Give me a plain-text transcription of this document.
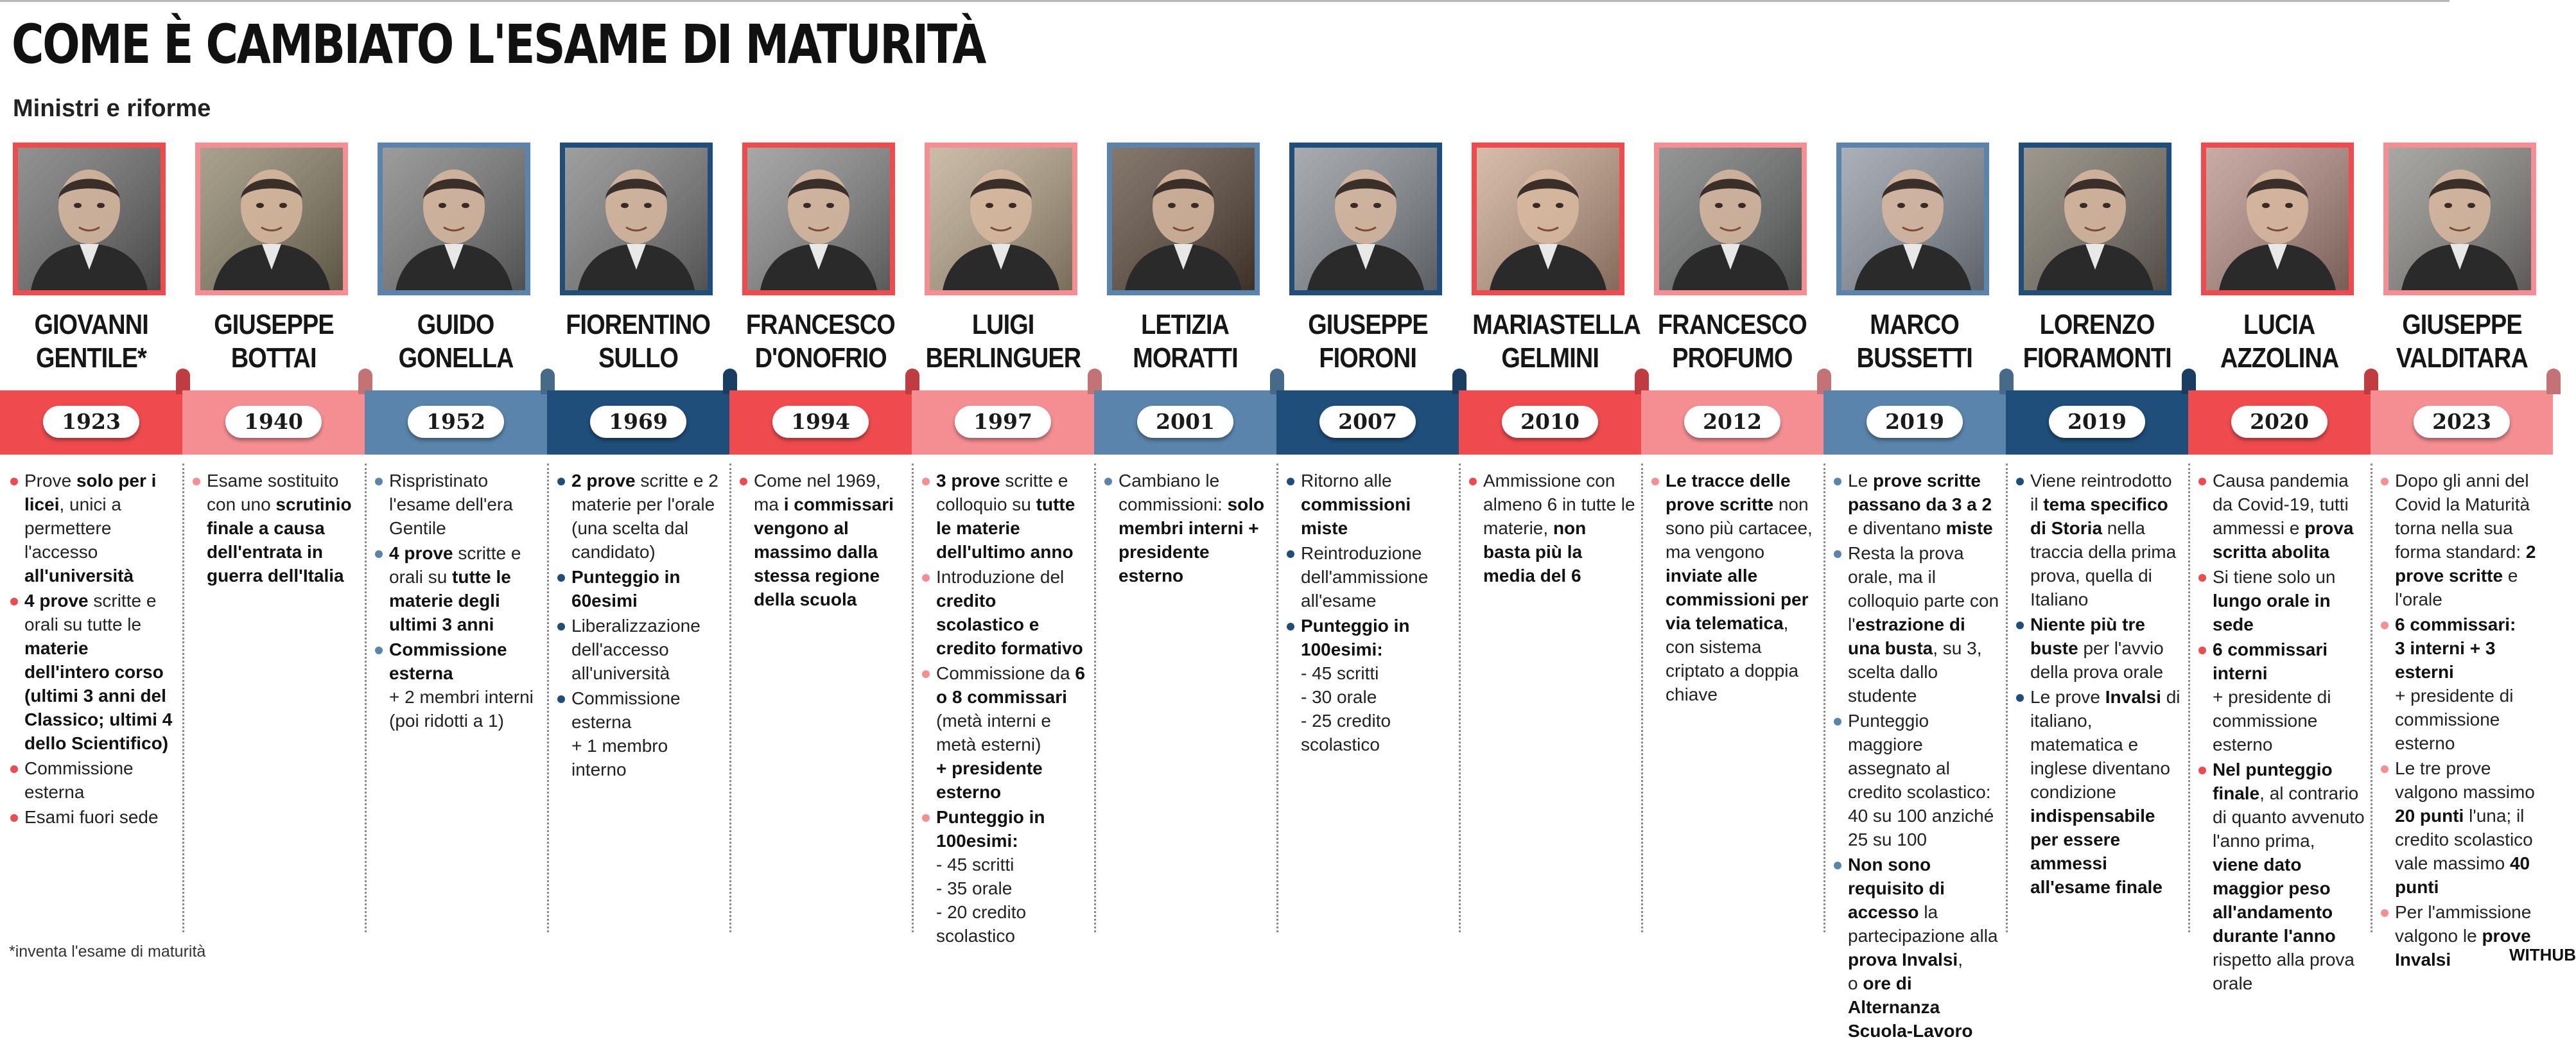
COME È CAMBIATO L'ESAME DI MATURITÀ
Ministri e riforme
GIOVANNI
GENTILE*
1923
Prove solo per i licei, unici a permettere l'accesso all'università
4 prove scritte e orali su tutte le materie dell'intero corso (ultimi 3 anni del Classico; ultimi 4 dello Scientifico)
Commissione esterna
Esami fuori sede
GIUSEPPE
BOTTAI
1940
Esame sostituito con uno scrutinio finale a causa dell'entrata in guerra dell'Italia
GUIDO
GONELLA
1952
Rispristinato l'esame dell'era Gentile
4 prove scritte e orali su tutte le materie degli ultimi 3 anni
Commissione esterna
+ 2 membri interni (poi ridotti a 1)
FIORENTINO
SULLO
1969
2 prove scritte e 2 materie per l'orale (una scelta dal candidato)
Punteggio in 60esimi
Liberalizzazione dell'accesso all'università
Commissione esterna
+ 1 membro interno
FRANCESCO
D'ONOFRIO
1994
Come nel 1969, ma i commissari vengono al massimo dalla stessa regione della scuola
LUIGI
BERLINGUER
1997
3 prove scritte e colloquio su tutte le materie dell'ultimo anno
Introduzione del credito scolastico e credito formativo
Commissione da 6 o 8 commissari (metà interni e metà esterni)
+ presidente esterno
Punteggio in 100esimi:
- 45 scritti
- 35 orale
- 20 credito
scolastico
LETIZIA
MORATTI
2001
Cambiano le commissioni: solo membri interni + presidente esterno
GIUSEPPE
FIORONI
2007
Ritorno alle commissioni miste
Reintroduzione dell'ammissione all'esame
Punteggio in 100esimi:
- 45 scritti
- 30 orale
- 25 credito
scolastico
MARIASTELLA
GELMINI
2010
Ammissione con almeno 6 in tutte le materie, non basta più la media del 6
FRANCESCO
PROFUMO
2012
Le tracce delle prove scritte non sono più cartacee, ma vengono inviate alle commissioni per via telematica, con sistema criptato a doppia chiave
MARCO
BUSSETTI
2019
Le prove scritte passano da 3 a 2 e diventano miste
Resta la prova orale, ma il colloquio parte con l'estrazione di una busta, su 3, scelta dallo studente
Punteggio maggiore assegnato al credito scolastico:
40 su 100 anziché 25 su 100
Non sono requisito di accesso la partecipazione alla prova Invalsi,
o ore di Alternanza Scuola-Lavoro
LORENZO
FIORAMONTI
2019
Viene reintrodotto il tema specifico di Storia nella traccia della prima prova, quella di Italiano
Niente più tre buste per l'avvio della prova orale
Le prove Invalsi di italiano, matematica e inglese diventano condizione indispensabile per essere ammessi all'esame finale
LUCIA
AZZOLINA
2020
Causa pandemia da Covid-19, tutti ammessi e prova scritta abolita
Si tiene solo un lungo orale in sede
6 commissari interni
+ presidente di commissione esterno
Nel punteggio finale, al contrario di quanto avvenuto l'anno prima, viene dato maggior peso all'andamento durante l'anno rispetto alla prova orale
GIUSEPPE
VALDITARA
2023
Dopo gli anni del Covid la Maturità torna nella sua forma standard: 2 prove scritte e l'orale
6 commissari:
3 interni + 3 esterni
+ presidente di commissione esterno
Le tre prove valgono massimo 20 punti l'una; il credito scolastico vale massimo 40 punti
Per l'ammissione valgono le prove Invalsi
*inventa l'esame di maturità	WITHUB
